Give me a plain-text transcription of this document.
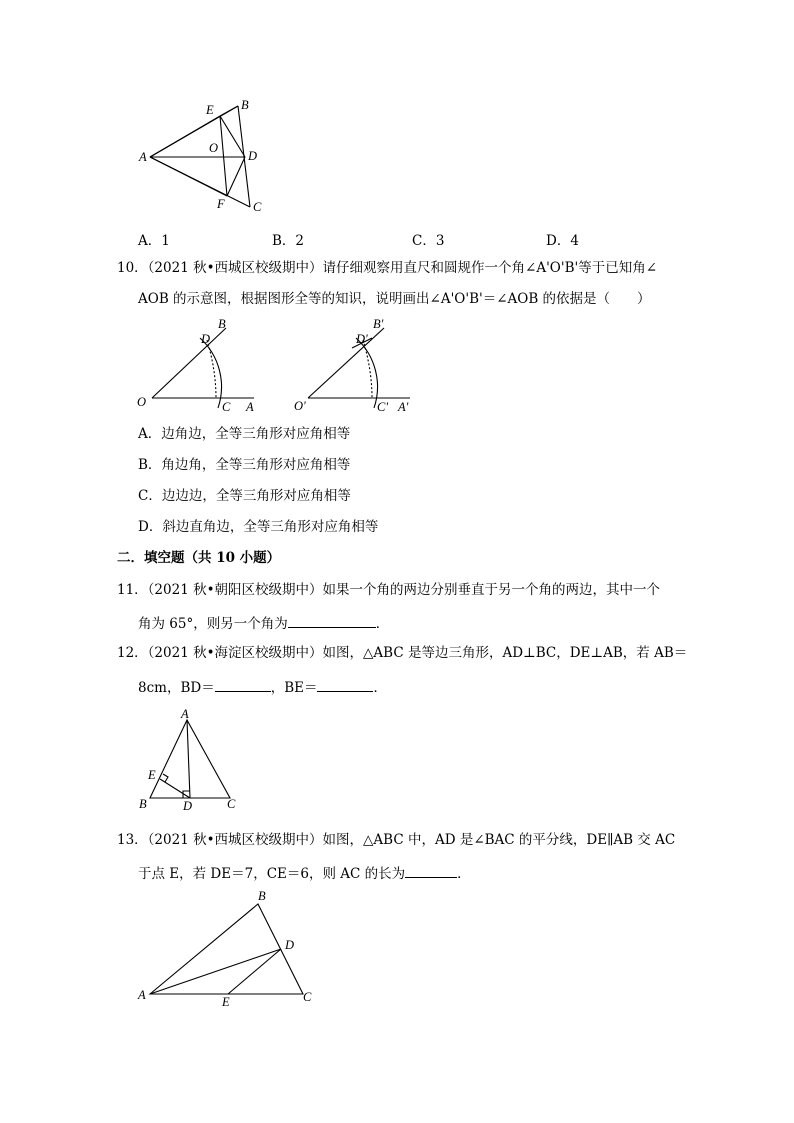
E B
O
D
A
F C
A．1	B．2	C．3	D．4
10．（2021 秋•西城区校级期中）请仔细观察用直尺和圆规作一个角∠A'O'B'等于已知角∠
AOB 的示意图，根据图形全等的知识，说明画出∠A'O'B'＝∠AOB 的依据是（　　）
B
D
O	C A
B'
D'
O'	C' A'
A．边角边，全等三角形对应角相等
B．角边角，全等三角形对应角相等
C．边边边，全等三角形对应角相等
D．斜边直角边，全等三角形对应角相等
二．填空题（共 10 小题）
11．（2021 秋•朝阳区校级期中）如果一个角的两边分别垂直于另一个角的两边，其中一个
角为 65°，则另一个角为	．
12．（2021 秋•海淀区校级期中）如图，△ABC 是等边三角形，AD⊥BC，DE⊥AB，若 AB＝
8cm，BD＝	，BE＝	．
A
E
B	D	C
13．（2021 秋•西城区校级期中）如图，△ABC 中，AD 是∠BAC 的平分线，DE∥AB 交 AC
于点 E，若 DE＝7，CE＝6，则 AC 的长为	．
B
D
A	E	C
